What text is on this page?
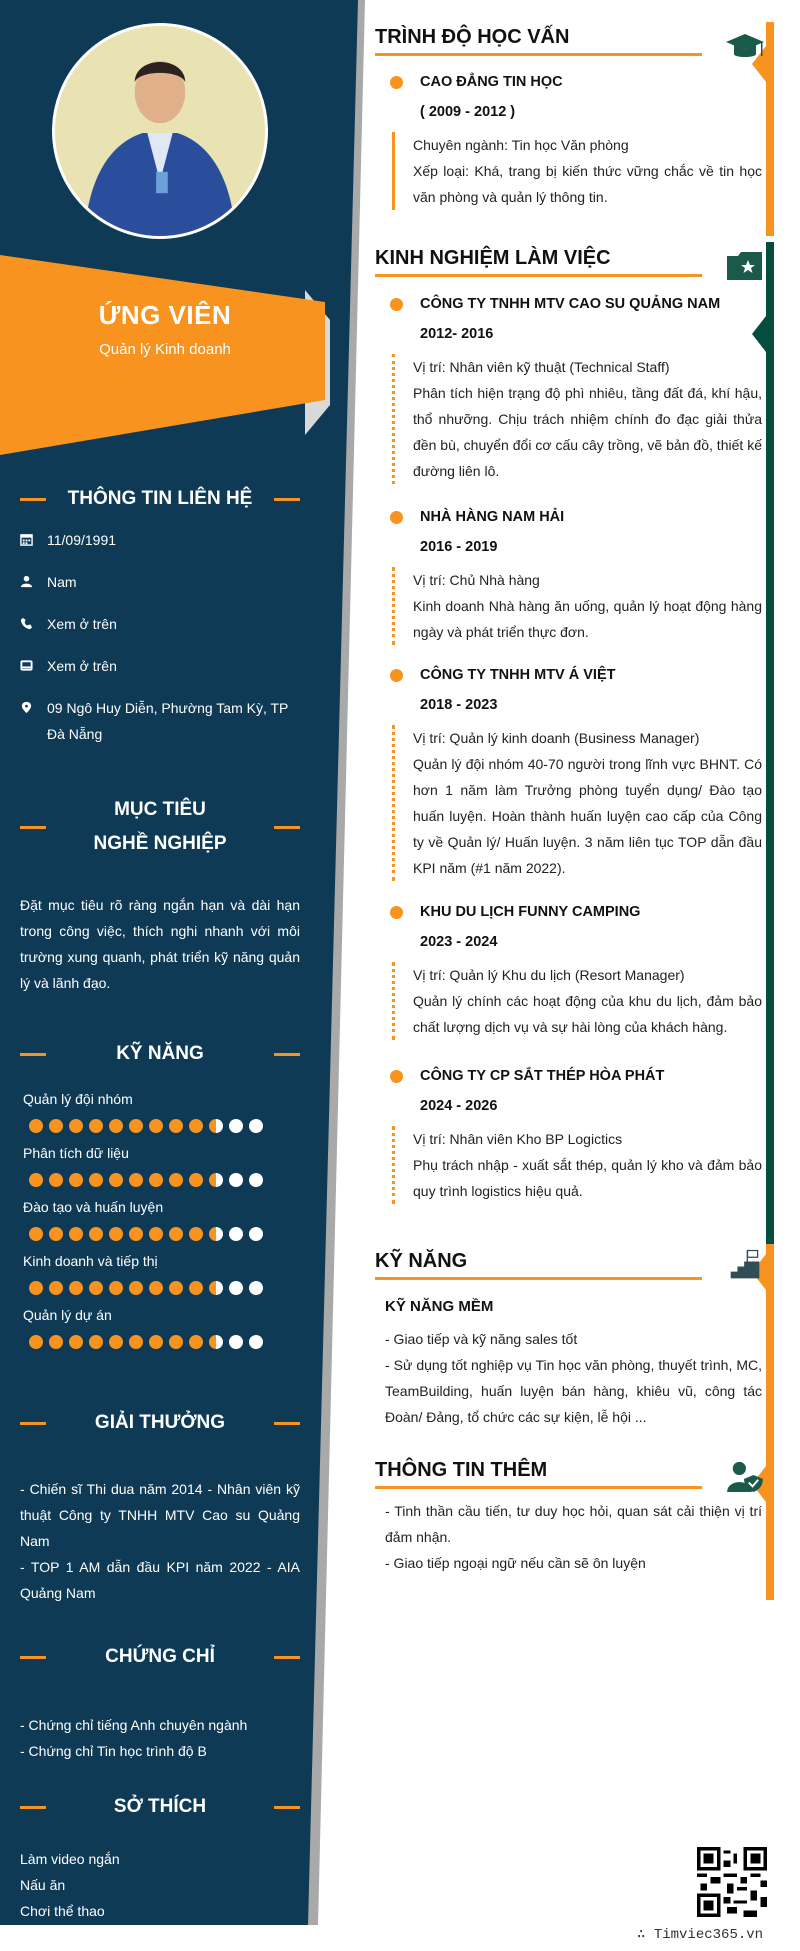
ỨNG VIÊN
Quản lý Kinh doanh
THÔNG TIN LIÊN HỆ
11/09/1991
Nam
Xem ở trên
Xem ở trên
09 Ngô Huy Diễn, Phường Tam Kỳ, TP Đà Nẵng
MỤC TIÊU NGHỀ NGHIỆP
Đặt mục tiêu rõ ràng ngắn hạn và dài hạn trong công việc, thích nghi nhanh với môi trường xung quanh, phát triển kỹ năng quản lý và lãnh đạo.
KỸ NĂNG
Quản lý đội nhóm
Phân tích dữ liệu
Đào tạo và huấn luyện
Kinh doanh và tiếp thị
Quản lý dự án
GIẢI THƯỞNG
- Chiến sĩ Thi dua năm 2014 - Nhân viên kỹ thuật Công ty TNHH MTV Cao su Quảng Nam
- TOP 1 AM dẫn đầu KPI năm 2022 - AIA Quảng Nam
CHỨNG CHỈ
- Chứng chỉ tiếng Anh chuyên ngành
- Chứng chỉ Tin học trình độ B
SỞ THÍCH
Làm video ngắn
Nấu ăn
Chơi thể thao
TRÌNH ĐỘ HỌC VẤN
CAO ĐẲNG TIN HỌC
( 2009 - 2012 )
Chuyên ngành: Tin học Văn phòng
Xếp loại: Khá, trang bị kiến thức vững chắc về tin học văn phòng và quản lý thông tin.
KINH NGHIỆM LÀM VIỆC
CÔNG TY TNHH MTV CAO SU QUẢNG NAM
2012- 2016
Vị trí: Nhân viên kỹ thuật (Technical Staff)
Phân tích hiện trạng độ phì nhiêu, tầng đất đá, khí hậu, thổ nhưỡng. Chịu trách nhiệm chính đo đạc giải thửa đền bù, chuyển đổi cơ cấu cây trồng, vẽ bản đồ, thiết kế đường liên lô.
NHÀ HÀNG NAM HẢI
2016 - 2019
Vị trí: Chủ Nhà hàng
Kinh doanh Nhà hàng ăn uống, quản lý hoạt động hàng ngày và phát triển thực đơn.
CÔNG TY TNHH MTV Á VIỆT
2018 - 2023
Vị trí: Quản lý kinh doanh (Business Manager)
Quản lý đội nhóm 40-70 người trong lĩnh vực BHNT. Có hơn 1 năm làm Trưởng phòng tuyển dụng/ Đào tạo huấn luyện. Hoàn thành huấn luyện cao cấp của Công ty về Quản lý/ Huấn luyện. 3 năm liên tục TOP dẫn đầu KPI năm (#1 năm 2022).
KHU DU LỊCH FUNNY CAMPING
2023 - 2024
Vị trí: Quản lý Khu du lịch (Resort Manager)
Quản lý chính các hoạt động của khu du lịch, đảm bảo chất lượng dịch vụ và sự hài lòng của khách hàng.
CÔNG TY CP SẮT THÉP HÒA PHÁT
2024 - 2026
Vị trí: Nhân viên Kho BP Logictics
Phụ trách nhập - xuất sắt thép, quản lý kho và đảm bảo quy trình logistics hiệu quả.
KỸ NĂNG
KỸ NĂNG MỀM
- Giao tiếp và kỹ năng sales tốt
- Sử dụng tốt nghiệp vụ Tin học văn phòng, thuyết trình, MC, TeamBuilding, huấn luyện bán hàng, khiêu vũ, công tác Đoàn/ Đảng, tổ chức các sự kiện, lễ hội ...
THÔNG TIN THÊM
- Tinh thần cầu tiến, tư duy học hỏi, quan sát cải thiện vị trí đảm nhận.
- Giao tiếp ngoại ngữ nếu cần sẽ ôn luyện
∴ Timviec365.vn
